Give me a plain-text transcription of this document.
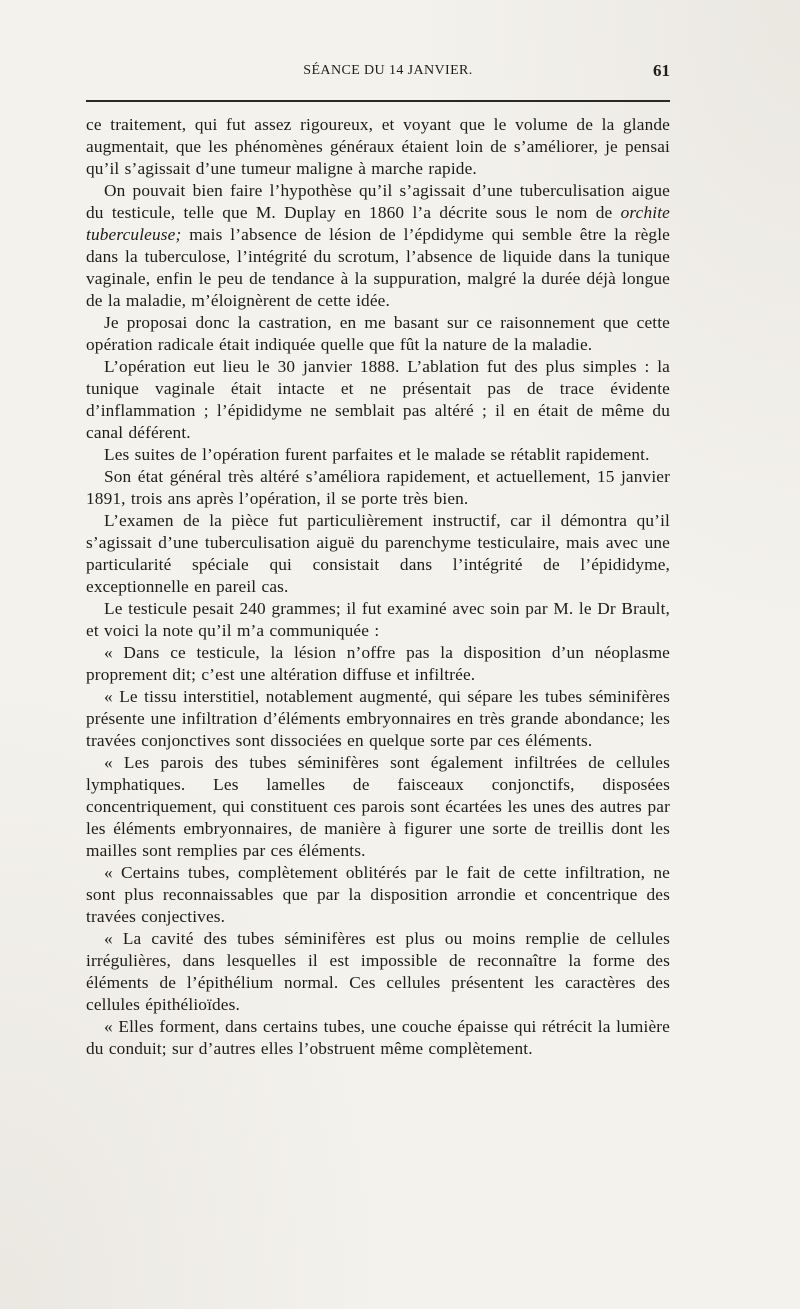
SÉANCE DU 14 JANVIER.	61

ce traitement, qui fut assez rigoureux, et voyant que le volume de la glande augmentait, que les phénomènes généraux étaient loin de s’améliorer, je pensai qu’il s’agissait d’une tumeur maligne à marche rapide.

On pouvait bien faire l’hypothèse qu’il s’agissait d’une tuberculisation aigue du testicule, telle que M. Duplay en 1860 l’a décrite sous le nom de orchite tuberculeuse; mais l’absence de lésion de l’épdidyme qui semble être la règle dans la tuberculose, l’intégrité du scrotum, l’absence de liquide dans la tunique vaginale, enfin le peu de tendance à la suppuration, malgré la durée déjà longue de la maladie, m’éloignèrent de cette idée.

Je proposai donc la castration, en me basant sur ce raisonnement que cette opération radicale était indiquée quelle que fût la nature de la maladie.

L’opération eut lieu le 30 janvier 1888. L’ablation fut des plus simples : la tunique vaginale était intacte et ne présentait pas de trace évidente d’inflammation ; l’épididyme ne semblait pas altéré ; il en était de même du canal déférent.

Les suites de l’opération furent parfaites et le malade se rétablit rapidement.

Son état général très altéré s’améliora rapidement, et actuellement, 15 janvier 1891, trois ans après l’opération, il se porte très bien.

L’examen de la pièce fut particulièrement instructif, car il démontra qu’il s’agissait d’une tuberculisation aiguë du parenchyme testiculaire, mais avec une particularité spéciale qui consistait dans l’intégrité de l’épididyme, exceptionnelle en pareil cas.

Le testicule pesait 240 grammes; il fut examiné avec soin par M. le Dr Brault, et voici la note qu’il m’a communiquée :

« Dans ce testicule, la lésion n’offre pas la disposition d’un néoplasme proprement dit; c’est une altération diffuse et infiltrée.

« Le tissu interstitiel, notablement augmenté, qui sépare les tubes séminifères présente une infiltration d’éléments embryonnaires en très grande abondance; les travées conjonctives sont dissociées en quelque sorte par ces éléments.

« Les parois des tubes séminifères sont également infiltrées de cellules lymphatiques. Les lamelles de faisceaux conjonctifs, disposées concentriquement, qui constituent ces parois sont écartées les unes des autres par les éléments embryonnaires, de manière à figurer une sorte de treillis dont les mailles sont remplies par ces éléments.

« Certains tubes, complètement oblitérés par le fait de cette infiltration, ne sont plus reconnaissables que par la disposition arrondie et concentrique des travées conjectives.

« La cavité des tubes séminifères est plus ou moins remplie de cellules irrégulières, dans lesquelles il est impossible de reconnaître la forme des éléments de l’épithélium normal. Ces cellules présentent les caractères des cellules épithélioïdes.

« Elles forment, dans certains tubes, une couche épaisse qui rétrécit la lumière du conduit; sur d’autres elles l’obstruent même complètement.
